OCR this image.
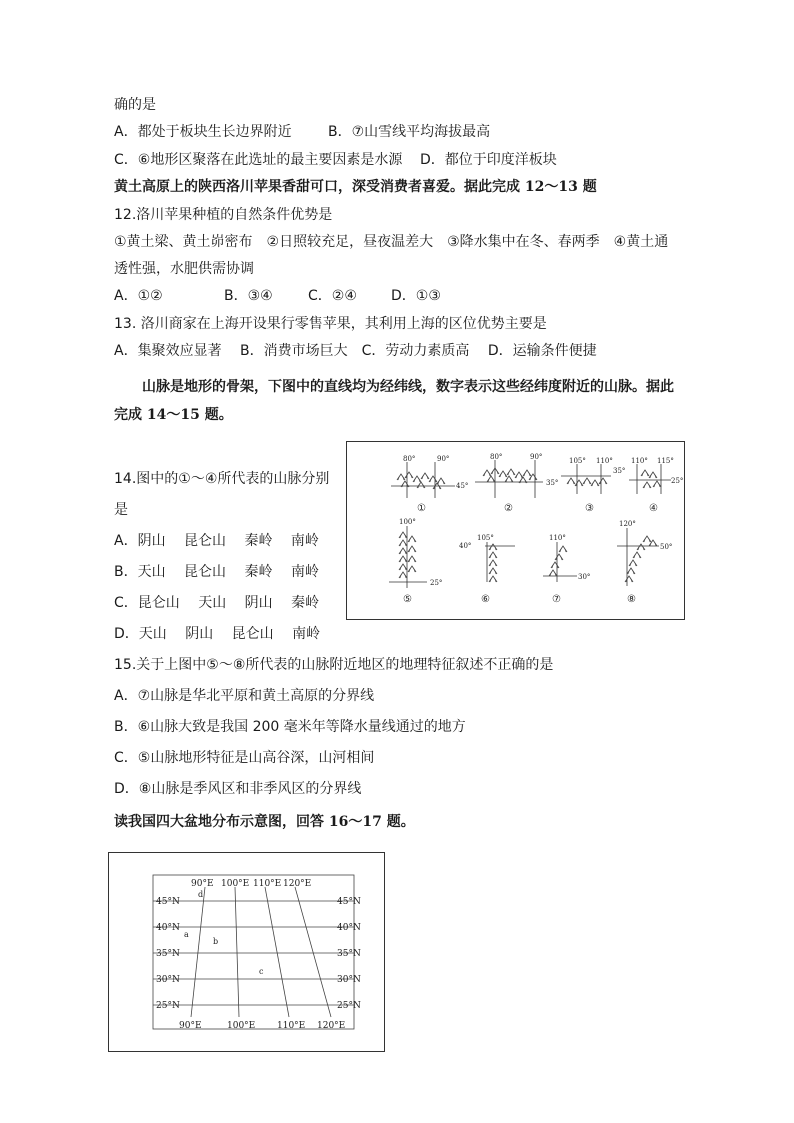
确的是
A．都处于板块生长边界附近	B．⑦山雪线平均海拔最高
C．⑥地形区聚落在此选址的最主要因素是水源 D．都位于印度洋板块
黄土高原上的陕西洛川苹果香甜可口，深受消费者喜爱。据此完成 12～13 题
12.洛川苹果种植的自然条件优势是
①黄土梁、黄土峁密布　②日照较充足，昼夜温差大　③降水集中在冬、春两季　④黄土通
透性强，水肥供需协调
A．①②	B．③④	C．②④ D．①③
13. 洛川商家在上海开设果行零售苹果，其利用上海的区位优势主要是
A．集聚效应显著　 B．消费市场巨大　C．劳动力素质高　 D．运输条件便捷
山脉是地形的骨架，下图中的直线均为经纬线，数字表示这些经纬度附近的山脉。据此
完成 14～15 题。
14.图中的①～④所代表的山脉分别
是
A．阴山　 昆仑山　 秦岭　 南岭
B．天山　 昆仑山　 秦岭　 南岭
C．昆仑山　 天山　 阴山　 秦岭
D．天山　 阴山　 昆仑山　 南岭
80°	90°
45°
①
80°	90°
35°
②
105° 110°
35°
③
110° 115°
25°
④
100°
25°
⑤
105°
40°
⑥
110°
30°
⑦
120°
50°
⑧
15.关于上图中⑤～⑧所代表的山脉附近地区的地理特征叙述不正确的是
A．⑦山脉是华北平原和黄土高原的分界线
B．⑥山脉大致是我国 200 毫米年等降水量线通过的地方
C．⑤山脉地形特征是山高谷深，山河相间
D．⑧山脉是季风区和非季风区的分界线
读我国四大盆地分布示意图，回答 16～17 题。
90°E 100°E 110°E 120°E
90°E	100°E 110°E 120°E
45°N
40°N
35°N
30°N
25°N
45°N
40°N
35°N
30°N
25°N
d
a
b
c
